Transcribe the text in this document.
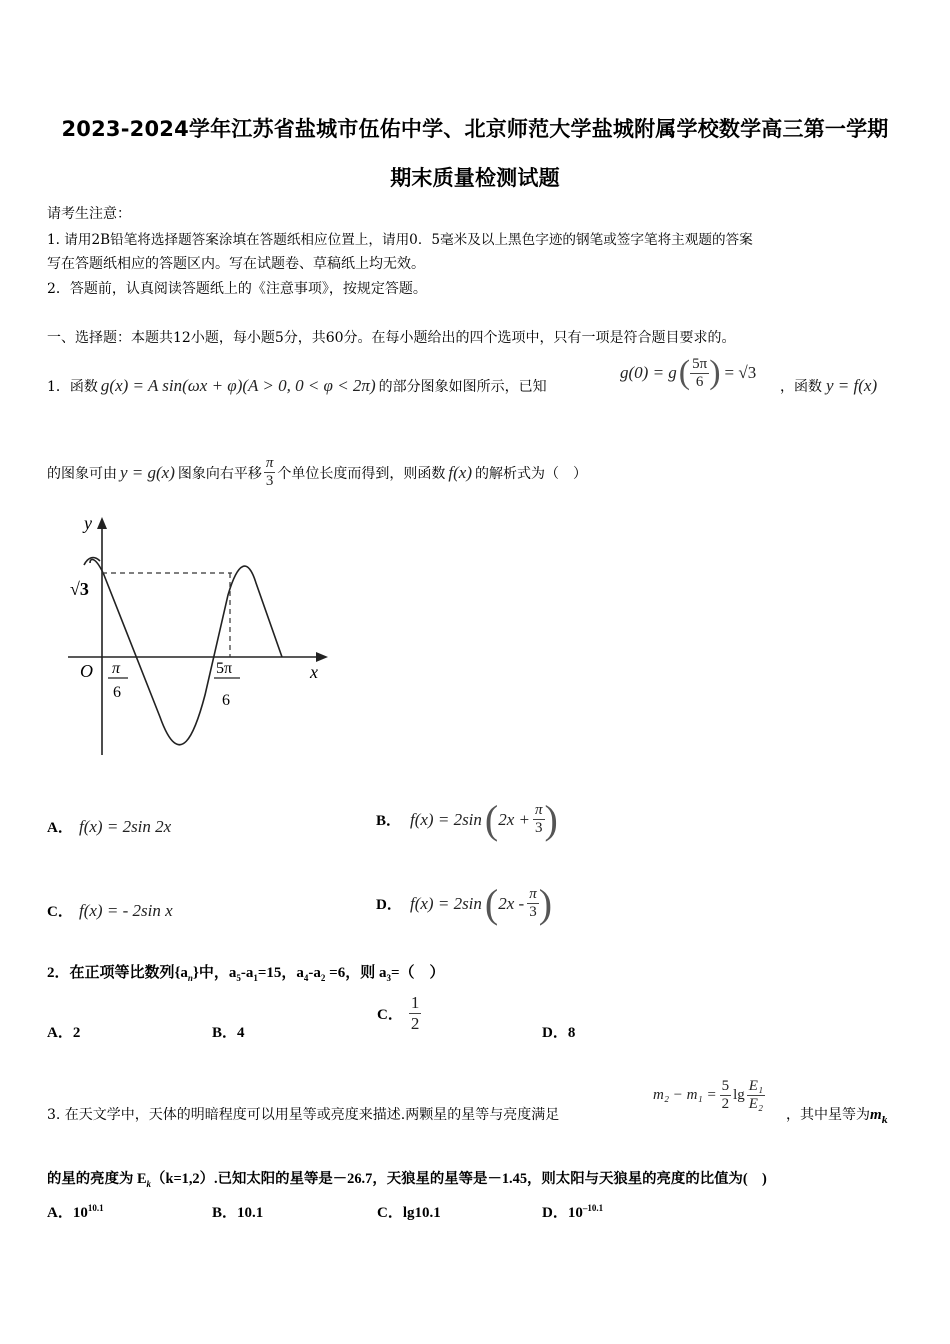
2023-2024学年江苏省盐城市伍佑中学、北京师范大学盐城附属学校数学高三第一学期
期末质量检测试题
请考生注意：
1. 请用2B铅笔将选择题答案涂填在答题纸相应位置上，请用0．5毫米及以上黑色字迹的钢笔或签字笔将主观题的答案
写在答题纸相应的答题区内。写在试题卷、草稿纸上均无效。
2．答题前，认真阅读答题纸上的《注意事项》，按规定答题。
一、选择题：本题共12小题，每小题5分，共60分。在每小题给出的四个选项中，只有一项是符合题目要求的。
1．函数 g(x) = A sin(ωx + φ)(A > 0, 0 < φ < 2π) 的部分图象如图所示，已知
g(0) = g ( $\frac{5\pi}{6}$ ) = √3
，函数 y = f(x)
的图象可由 y = g(x) 图象向右平移 $\frac{\pi}{3}$ 个单位长度而得到，则函数 f(x) 的解析式为（　）
y
x
O
√3
π
6
5π
6
A． f(x) = 2sin 2x	B． f(x) = 2sin ( $2x + \frac{\pi}{3}$ )
C． f(x) = - 2sin x	D． f(x) = 2sin ( $2x - \frac{\pi}{3}$ )
2．在正项等比数列$\{a_n\}$中，$a_5-a_1=15$，$a_4-a_2 =6$，则 $a_3=$（　）
A．2	B．4
C． $\frac{1}{2}$	D．8
3. 在天文学中，天体的明暗程度可以用星等或亮度来描述.两颗星的星等与亮度满足
$m_2 - m_1 = \frac{5}{2}$ $\lg \frac{\text{E₁}}{\text{E₂}}$
，其中星等为$m_k$
的星的亮度为 $E_k(k=1,2)$.已知太阳的星等是－26.7，天狼星的星等是－1.45，则太阳与天狼星的亮度的比值为(　)
A．$10^{10.1}$	B．10.1	C．lg10.1	D．$10^{-10.1}$
